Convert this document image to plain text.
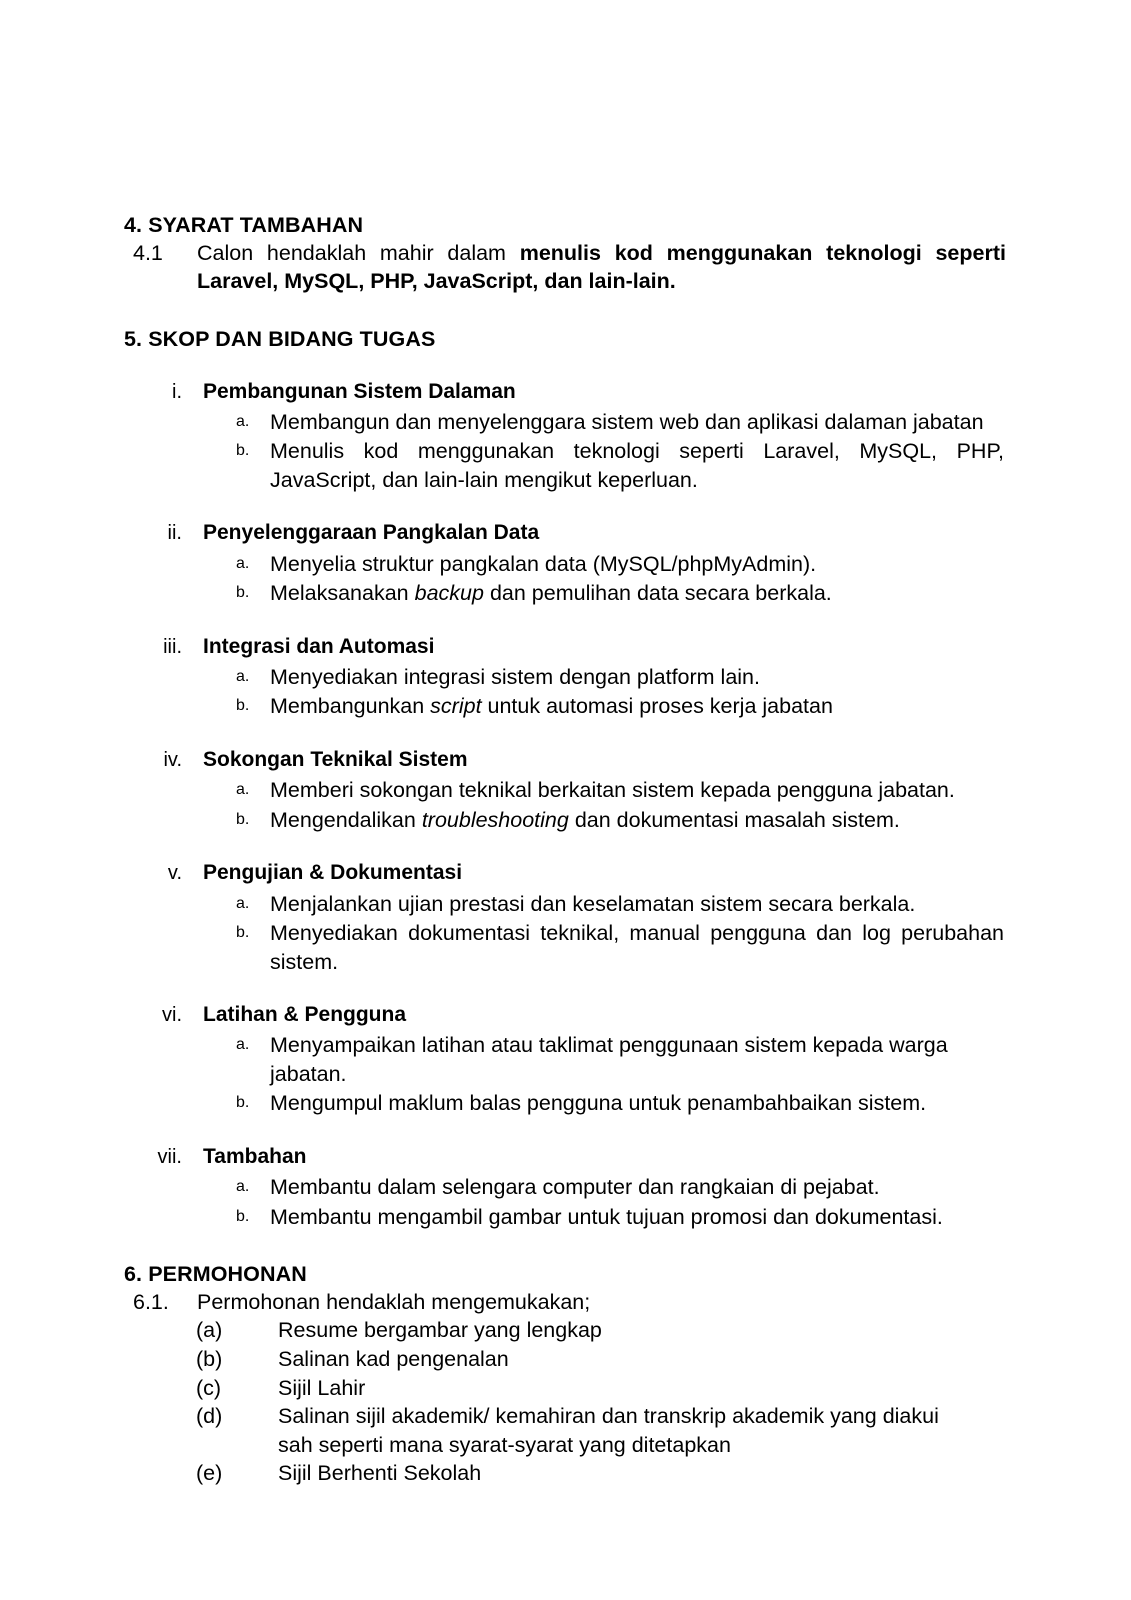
4. SYARAT TAMBAHAN
4.1	Calon hendaklah mahir dalam menulis kod menggunakan teknologi seperti Laravel, MySQL, PHP, JavaScript, dan lain-lain.
5. SKOP DAN BIDANG TUGAS
i.	Pembangunan Sistem Dalaman
a. Membangun dan menyelenggara sistem web dan aplikasi dalaman jabatan
b. Menulis kod menggunakan teknologi seperti Laravel, MySQL, PHP, JavaScript, dan lain-lain mengikut keperluan.
ii.	Penyelenggaraan Pangkalan Data
a. Menyelia struktur pangkalan data (MySQL/phpMyAdmin).
b. Melaksanakan backup dan pemulihan data secara berkala.
iii.	Integrasi dan Automasi
a. Menyediakan integrasi sistem dengan platform lain.
b. Membangunkan script untuk automasi proses kerja jabatan
iv.	Sokongan Teknikal Sistem
a. Memberi sokongan teknikal berkaitan sistem kepada pengguna jabatan.
b. Mengendalikan troubleshooting dan dokumentasi masalah sistem.
v.	Pengujian & Dokumentasi
a. Menjalankan ujian prestasi dan keselamatan sistem secara berkala.
b. Menyediakan dokumentasi teknikal, manual pengguna dan log perubahan sistem.
vi.	Latihan & Pengguna
a. Menyampaikan latihan atau taklimat penggunaan sistem kepada warga jabatan.
b. Mengumpul maklum balas pengguna untuk penambahbaikan sistem.
vii.	Tambahan
a. Membantu dalam selengara computer dan rangkaian di pejabat.
b. Membantu mengambil gambar untuk tujuan promosi dan dokumentasi.
6. PERMOHONAN
6.1.	Permohonan hendaklah mengemukakan;
(a)	Resume bergambar yang lengkap
(b)	Salinan kad pengenalan
(c)	Sijil Lahir
(d)	Salinan sijil akademik/ kemahiran dan transkrip akademik yang diakui sah seperti mana syarat-syarat yang ditetapkan
(e)	Sijil Berhenti Sekolah
